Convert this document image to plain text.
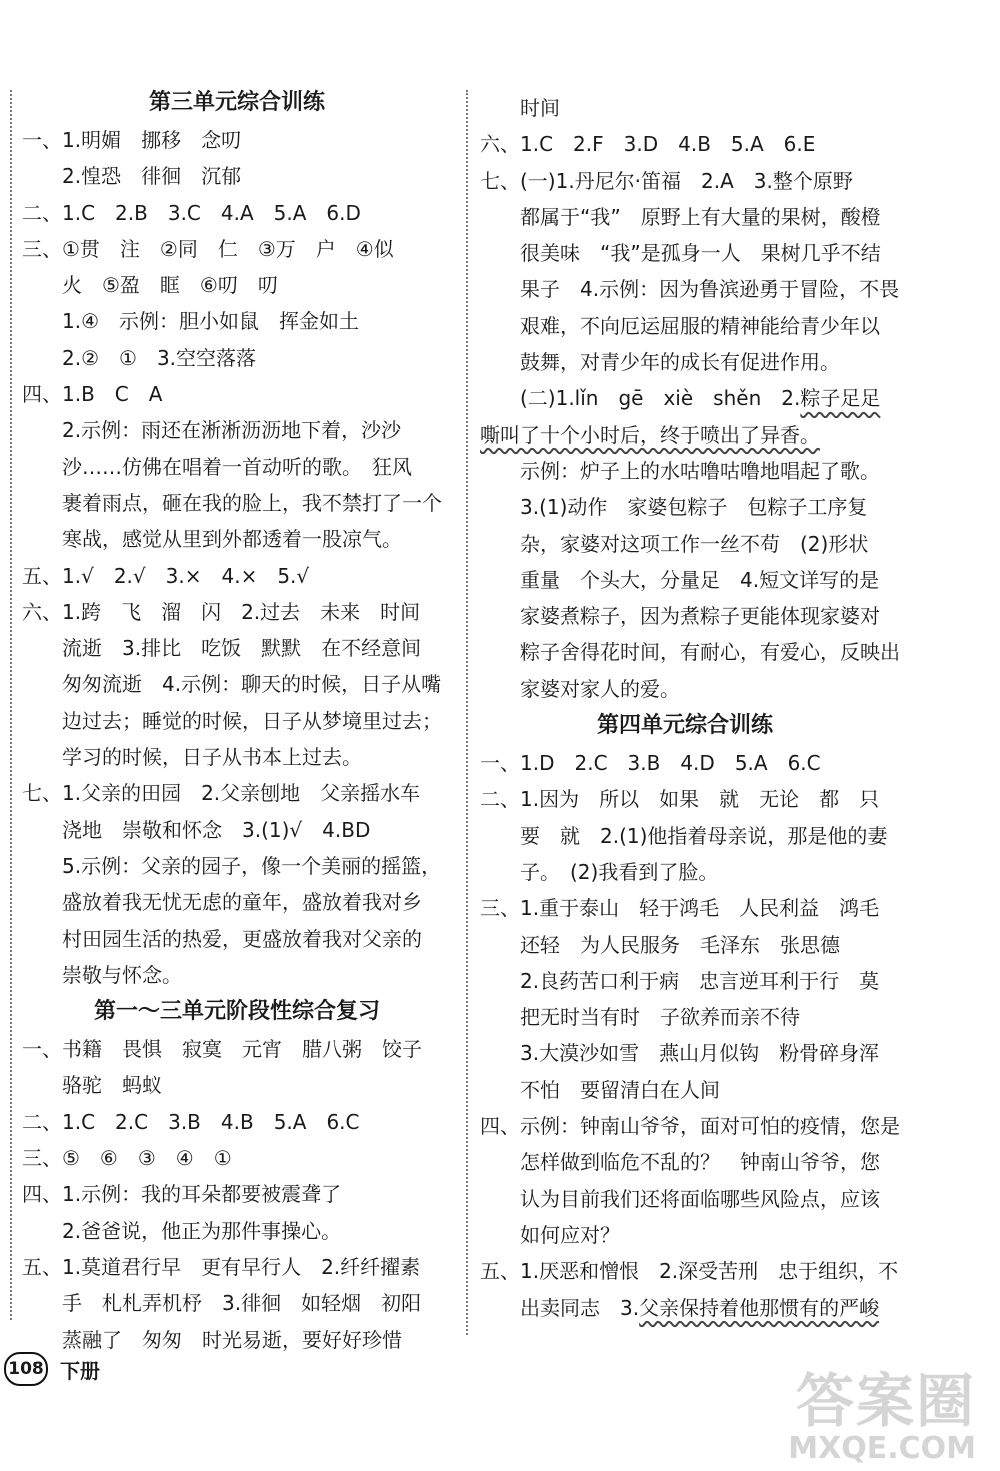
第三单元综合训练
一、1.明媚　挪移　念叨
　　2.惶恐　徘徊　沉郁
二、1.C　2.B　3.C　4.A　5.A　6.D
三、①贯　注　②同　仁　③万　户　④似
　　火　⑤盈　眶　⑥叨　叨
　　1.④　示例：胆小如鼠　挥金如土
　　2.②　①　3.空空落落
四、1.B　C　A
　　2.示例：雨还在淅淅沥沥地下着，沙沙
　　沙……仿佛在唱着一首动听的歌。　狂风
　　裹着雨点，砸在我的脸上，我不禁打了一个
　　寒战，感觉从里到外都透着一股凉气。
五、1.√　2.√　3.×　4.×　5.√
六、1.跨　飞　溜　闪　2.过去　未来　时间
　　流逝　3.排比　吃饭　默默　在不经意间
　　匆匆流逝　4.示例：聊天的时候，日子从嘴
　　边过去；睡觉的时候，日子从梦境里过去；
　　学习的时候，日子从书本上过去。
七、1.父亲的田园　2.父亲刨地　父亲摇水车
　　浇地　崇敬和怀念　3.(1)√　4.BD
　　5.示例：父亲的园子，像一个美丽的摇篮，
　　盛放着我无忧无虑的童年，盛放着我对乡
　　村田园生活的热爱，更盛放着我对父亲的
　　崇敬与怀念。
第一～三单元阶段性综合复习
一、书籍　畏惧　寂寞　元宵　腊八粥　饺子
　　骆驼　蚂蚁
二、1.C　2.C　3.B　4.B　5.A　6.C
三、⑤　⑥　③　④　①
四、1.示例：我的耳朵都要被震聋了
　　2.爸爸说，他正为那件事操心。
五、1.莫道君行早　更有早行人　2.纤纤擢素
　　手　札札弄机杼　3.徘徊　如轻烟　初阳
　　蒸融了　匆匆　时光易逝，要好好珍惜
　　时间
六、1.C　2.F　3.D　4.B　5.A　6.E
七、(一)1.丹尼尔·笛福　2.A　3.整个原野
　　都属于“我”　原野上有大量的果树，酸橙
　　很美味　“我”是孤身一人　果树几乎不结
　　果子　4.示例：因为鲁滨逊勇于冒险，不畏
　　艰难，不向厄运屈服的精神能给青少年以
　　鼓舞，对青少年的成长有促进作用。
　　(二)1.lǐn　gē　xiè　shěn　2.粽子足足
嘶叫了十个小时后，终于喷出了异香。
　　示例：炉子上的水咕噜咕噜地唱起了歌。
　　3.(1)动作　家婆包粽子　包粽子工序复
　　杂，家婆对这项工作一丝不苟　(2)形状
　　重量　个头大，分量足　4.短文详写的是
　　家婆煮粽子，因为煮粽子更能体现家婆对
　　粽子舍得花时间，有耐心，有爱心，反映出
　　家婆对家人的爱。
第四单元综合训练
一、1.D　2.C　3.B　4.D　5.A　6.C
二、1.因为　所以　如果　就　无论　都　只
　　要　就　2.(1)他指着母亲说，那是他的妻
　　子。　(2)我看到了脸。
三、1.重于泰山　轻于鸿毛　人民利益　鸿毛
　　还轻　为人民服务　毛泽东　张思德
　　2.良药苦口利于病　忠言逆耳利于行　莫
　　把无时当有时　子欲养而亲不待
　　3.大漠沙如雪　燕山月似钩　粉骨碎身浑
　　不怕　要留清白在人间
四、示例：钟南山爷爷，面对可怕的疫情，您是
　　怎样做到临危不乱的？　钟南山爷爷，您
　　认为目前我们还将面临哪些风险点，应该
　　如何应对？
五、1.厌恶和憎恨　2.深受苦刑　忠于组织，不
　　出卖同志　3.父亲保持着他那惯有的严峻
108 下册	答案圈
MXQE.COM
